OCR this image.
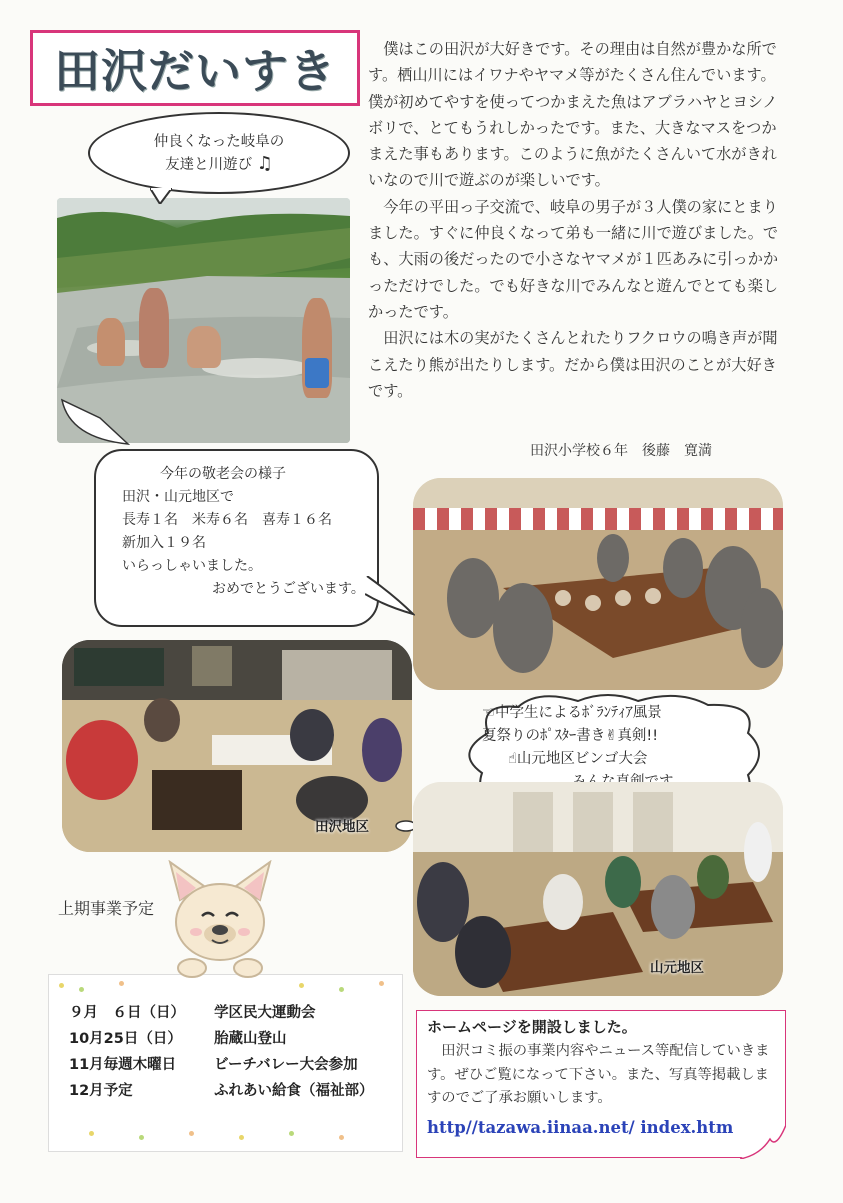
田沢だいすき	僕はこの田沢が大好きです。その理由は自然が豊かな所です。栖山川にはイワナやヤマメ等がたくさん住んでいます。僕が初めてやすを使ってつかまえた魚はアブラハヤとヨシノボリで、とてもうれしかったです。また、大きなマスをつかまえた事もあります。このように魚がたくさんいて水がきれいなので川で遊ぶのが楽しいです。

今年の平田っ子交流で、岐阜の男子が３人僕の家にとまりました。すぐに仲良くなって弟も一緒に川で遊びました。でも、大雨の後だったので小さなヤマメが１匹あみに引っかかっただけでした。でも好きな川でみんなと遊んでとても楽しかったです。

田沢には木の実がたくさんとれたりフクロウの鳴き声が聞こえたり熊が出たりします。だから僕は田沢のことが大好きです。

田沢小学校６年　後藤　寛満
仲良くなった岐阜の
友達と川遊び ♫
今年の敬老会の様子
田沢・山元地区で
長寿１名　米寿６名　喜寿１６名
新加入１９名
いらっしゃいました。
おめでとうございます。
☜中学生によるﾎﾞﾗﾝﾃｨｱ風景
夏祭りのﾎﾟｽﾀｰ書き✌真剣!!
☝山元地区ビンゴ大会
田沢地区
山元地区
上期事業予定
９月　６日（日） 学区民大運動会
10月25日（日） 胎蔵山登山
11月毎週木曜日	ビーチバレー大会参加
12月予定	ふれあい給食（福祉部）
ホームページを開設しました。
田沢コミ振の事業内容やニュース等配信していきます。ぜひご覧になって下さい。また、写真等掲載しますのでご了承お願いします。
http//tazawa.iinaa.net/ index.htm
